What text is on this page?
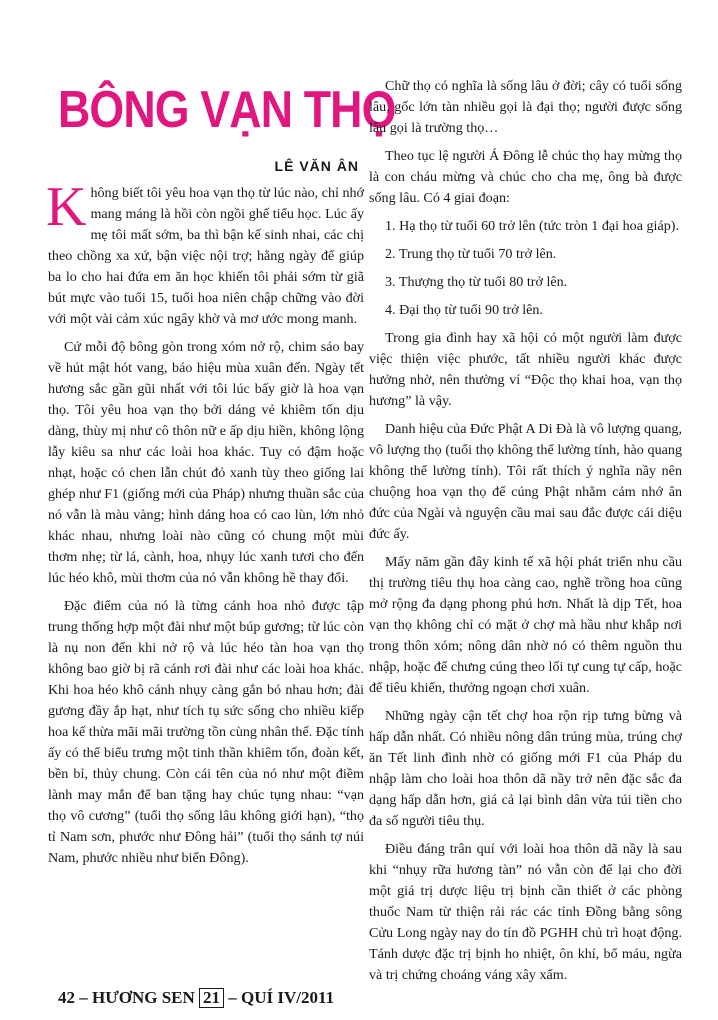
BÔNG VẠN THỌ
LÊ VĂN ÂN

Không biết tôi yêu hoa vạn thọ từ lúc nào, chỉ nhớ mang máng là hồi còn ngồi ghế tiểu học. Lúc ấy mẹ tôi mất sớm, ba thì bận kế sinh nhai, các chị theo chồng xa xứ, bận việc nội trợ; hằng ngày để giúp ba lo cho hai đứa em ăn học khiến tôi phải sớm từ giã bút mực vào tuổi 15, tuổi hoa niên chập chững vào đời với một vài cảm xúc ngây khờ và mơ ước mong manh.

Cứ mỗi độ bông gòn trong xóm nở rộ, chim sáo bay về hút mật hót vang, báo hiệu mùa xuân đến. Ngày tết hương sắc gần gũi nhất với tôi lúc bấy giờ là hoa vạn thọ. Tôi yêu hoa vạn thọ bởi dáng vẻ khiêm tốn dịu dàng, thùy mị như cô thôn nữ e ấp dịu hiền, không lộng lẫy kiêu sa như các loài hoa khác. Tuy có đậm hoặc nhạt, hoặc có chen lẫn chút đỏ xanh tùy theo giống lai ghép như F1 (giống mới của Pháp) nhưng thuần sắc của nó vẫn là màu vàng; hình dáng hoa có cao lùn, lớn nhỏ khác nhau, nhưng loài nào cũng có chung một mùi thơm nhẹ; từ lá, cành, hoa, nhụy lúc xanh tươi cho đến lúc héo khô, mùi thơm của nó vẫn không hề thay đổi.

Đặc điểm của nó là từng cánh hoa nhỏ được tập trung thống hợp một đài như một búp gương; từ lúc còn là nụ non đến khi nở rộ và lúc héo tàn hoa vạn thọ không bao giờ bị rã cánh rơi đài như các loài hoa khác. Khi hoa héo khô cánh nhụy càng gắn bó nhau hơn; đài gương đầy ắp hạt, như tích tụ sức sống cho nhiều kiếp hoa kế thừa mãi mãi trường tồn cùng nhân thế. Đặc tính ấy có thể biểu trưng một tinh thần khiêm tốn, đoàn kết, bền bỉ, thủy chung. Còn cái tên của nó như một điềm lành may mắn để ban tặng hay chúc tụng nhau: “vạn thọ vô cương” (tuổi thọ sống lâu không giới hạn), “thọ tỉ Nam sơn, phước như Đông hải” (tuổi thọ sánh tợ núi Nam, phước nhiều như biển Đông).

Chữ thọ có nghĩa là sống lâu ở đời; cây có tuổi sống lâu, gốc lớn tàn nhiều gọi là đại thọ; người được sống lâu gọi là trường thọ…

Theo tục lệ người Á Đông lễ chúc thọ hay mừng thọ là con cháu mừng và chúc cho cha mẹ, ông bà được sống lâu. Có 4 giai đoạn:

1. Hạ thọ từ tuổi 60 trở lên (tức tròn 1 đại hoa giáp).

2. Trung thọ từ tuổi 70 trở lên.

3. Thượng thọ từ tuổi 80 trở lên.

4. Đại thọ từ tuổi 90 trở lên.

Trong gia đình hay xã hội có một người làm được việc thiện việc phước, tất nhiều người khác được hưởng nhờ, nên thường ví “Độc thọ khai hoa, vạn thọ hương” là vậy.

Danh hiệu của Đức Phật A Di Đà là vô lượng quang, vô lượng thọ (tuổi thọ không thể lường tính, hào quang không thể lường tính). Tôi rất thích ý nghĩa nầy nên chuộng hoa vạn thọ để cúng Phật nhằm cảm nhớ ân đức của Ngài và nguyện cầu mai sau đắc được cái diệu đức ấy.

Mấy năm gần đây kinh tế xã hội phát triển nhu cầu thị trường tiêu thụ hoa càng cao, nghề trồng hoa cũng mở rộng đa dạng phong phú hơn. Nhất là dịp Tết, hoa vạn thọ không chỉ có mặt ở chợ mà hầu như khắp nơi trong thôn xóm; nông dân nhờ nó có thêm nguồn thu nhập, hoặc để chưng cúng theo lối tự cung tự cấp, hoặc để tiêu khiển, thưởng ngoạn chơi xuân.

Những ngày cận tết chợ hoa rộn rịp tưng bừng và hấp dẫn nhất. Có nhiều nông dân trúng mùa, trúng chợ ăn Tết linh đình nhờ có giống mới F1 của Pháp du nhập làm cho loài hoa thôn dã nầy trở nên đặc sắc đa dạng hấp dẫn hơn, giá cả lại bình dân vừa túi tiền cho đa số người tiêu thụ.

Điều đáng trân quí với loài hoa thôn dã nầy là sau khi “nhụy rữa hương tàn” nó vẫn còn để lại cho đời một giá trị dược liệu trị bịnh cần thiết ở các phòng thuốc Nam từ thiện rải rác các tỉnh Đồng bằng sông Cửu Long ngày nay do tín đồ PGHH chủ trì hoạt động. Tánh dược đặc trị bịnh ho nhiệt, ôn khí, bổ máu, ngừa và trị chứng choáng váng xây xẩm.

42 – HƯƠNG SEN 21 – QUÍ IV/2011
